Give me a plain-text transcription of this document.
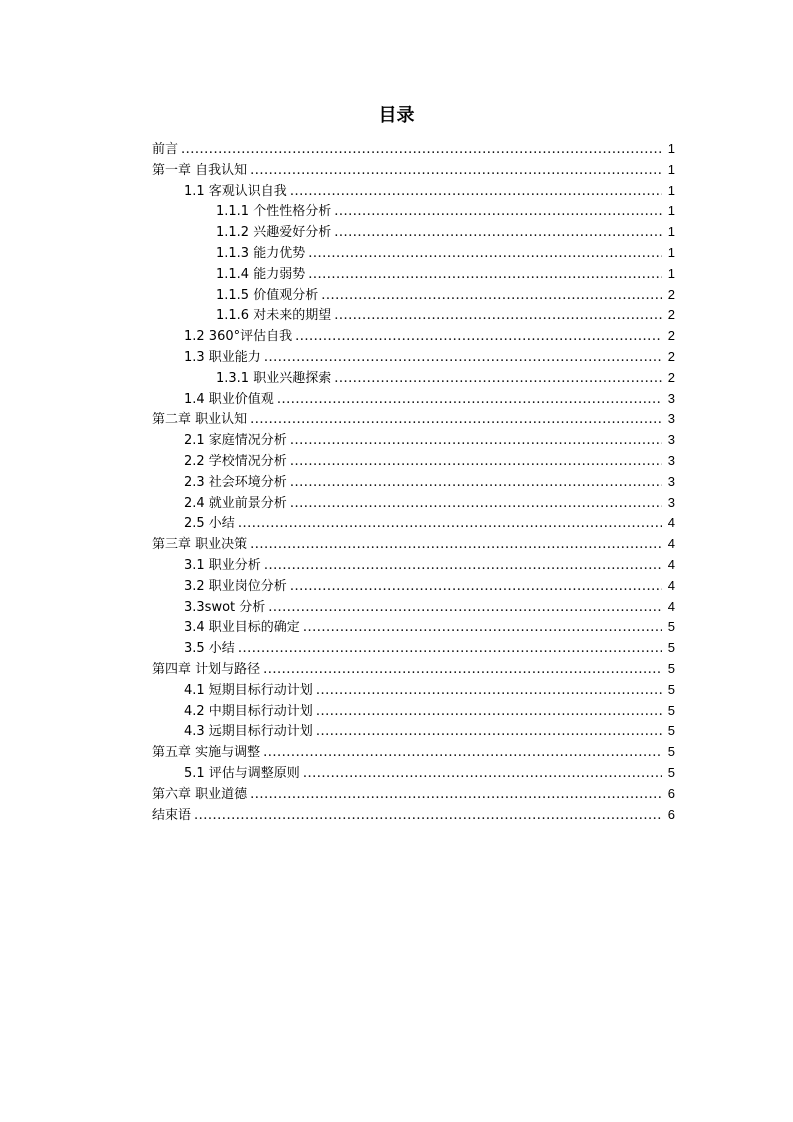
目录
前言 .....	1
第一章 自我认知 .....	1
1.1 客观认识自我 .....	1
1.1.1 个性性格分析 .....	1
1.1.2 兴趣爱好分析 .....	1
1.1.3 能力优势 .....	1
1.1.4 能力弱势 .....	1
1.1.5 价值观分析 .....	2
1.1.6 对未来的期望 .....	2
1.2 360°评估自我 .....	2
1.3 职业能力 .....	2
1.3.1 职业兴趣探索 .....	2
1.4 职业价值观 .....	3
第二章 职业认知 .....	3
2.1 家庭情况分析 .....	3
2.2 学校情况分析 .....	3
2.3 社会环境分析 .....	3
2.4 就业前景分析 .....	3
2.5 小结 .....	4
第三章 职业决策 .....	4
3.1 职业分析 .....	4
3.2 职业岗位分析 .....	4
3.3swot 分析 .....	4
3.4 职业目标的确定 .....	5
3.5 小结 .....	5
第四章 计划与路径 .....	5
4.1 短期目标行动计划 .....	5
4.2 中期目标行动计划 .....	5
4.3 远期目标行动计划 .....	5
第五章 实施与调整 .....	5
5.1 评估与调整原则 .....	5
第六章 职业道德 .....	6
结束语 .....	6
